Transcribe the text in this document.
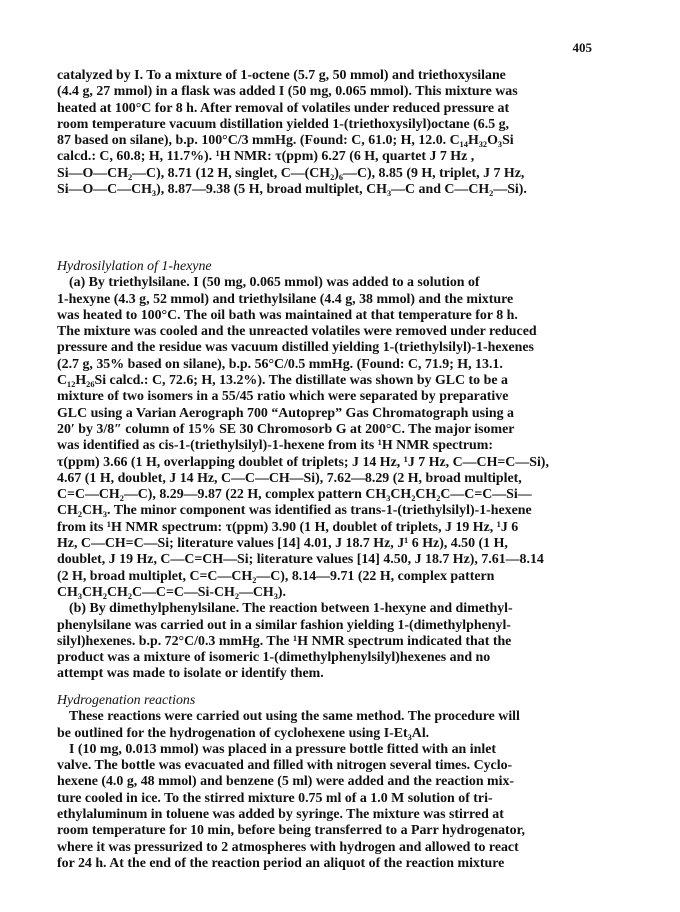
405
catalyzed by I. To a mixture of 1-octene (5.7 g, 50 mmol) and triethoxysilane
(4.4 g, 27 mmol) in a flask was added I (50 mg, 0.065 mmol). This mixture was
heated at 100°C for 8 h. After removal of volatiles under reduced pressure at
room temperature vacuum distillation yielded 1-(triethoxysilyl)octane (6.5 g,
87 based on silane), b.p. 100°C/3 mmHg. (Found: C, 61.0; H, 12.0. C₁₄H₃₂O₃Si
calcd.: C, 60.8; H, 11.7%). ¹H NMR: τ(ppm) 6.27 (6 H, quartet J 7 Hz ,
Si—O—CH₂—C), 8.71 (12 H, singlet, C—(CH₂)₆—C), 8.85 (9 H, triplet, J 7 Hz,
Si—O—C—CH₃), 8.87—9.38 (5 H, broad multiplet, CH₃—C and C—CH₂—Si).
Hydrosilylation of 1-hexyne
(a) By triethylsilane. I (50 mg, 0.065 mmol) was added to a solution of
1-hexyne (4.3 g, 52 mmol) and triethylsilane (4.4 g, 38 mmol) and the mixture
was heated to 100°C. The oil bath was maintained at that temperature for 8 h.
The mixture was cooled and the unreacted volatiles were removed under reduced
pressure and the residue was vacuum distilled yielding 1-(triethylsilyl)-1-hexenes
(2.7 g, 35% based on silane), b.p. 56°C/0.5 mmHg. (Found: C, 71.9; H, 13.1.
C₁₂H₂₆Si calcd.: C, 72.6; H, 13.2%). The distillate was shown by GLC to be a
mixture of two isomers in a 55/45 ratio which were separated by preparative
GLC using a Varian Aerograph 700 “Autoprep” Gas Chromatograph using a
20′ by 3/8″ column of 15% SE 30 Chromosorb G at 200°C. The major isomer
was identified as cis-1-(triethylsilyl)-1-hexene from its ¹H NMR spectrum:
τ(ppm) 3.66 (1 H, overlapping doublet of triplets; J 14 Hz, ¹J 7 Hz, C—CH=C—Si),
4.67 (1 H, doublet, J 14 Hz, C—C—CH—Si), 7.62—8.29 (2 H, broad multiplet,
C=C—CH₂—C), 8.29—9.87 (22 H, complex pattern CH₃CH₂CH₂C—C=C—Si—
CH₂CH₃. The minor component was identified as trans-1-(triethylsilyl)-1-hexene
from its ¹H NMR spectrum: τ(ppm) 3.90 (1 H, doublet of triplets, J 19 Hz, ¹J 6
Hz, C—CH=C—Si; literature values [14] 4.01, J 18.7 Hz, J¹ 6 Hz), 4.50 (1 H,
doublet, J 19 Hz, C—C=CH—Si; literature values [14] 4.50, J 18.7 Hz), 7.61—8.14
(2 H, broad multiplet, C=C—CH₂—C), 8.14—9.71 (22 H, complex pattern
CH₃CH₂CH₂C—C=C—Si-CH₂—CH₃).
(b) By dimethylphenylsilane. The reaction between 1-hexyne and dimethyl-
phenylsilane was carried out in a similar fashion yielding 1-(dimethylphenyl-
silyl)hexenes. b.p. 72°C/0.3 mmHg. The ¹H NMR spectrum indicated that the
product was a mixture of isomeric 1-(dimethylphenylsilyl)hexenes and no
attempt was made to isolate or identify them.
Hydrogenation reactions
These reactions were carried out using the same method. The procedure will
be outlined for the hydrogenation of cyclohexene using I-Et₃Al.
I (10 mg, 0.013 mmol) was placed in a pressure bottle fitted with an inlet
valve. The bottle was evacuated and filled with nitrogen several times. Cyclo-
hexene (4.0 g, 48 mmol) and benzene (5 ml) were added and the reaction mix-
ture cooled in ice. To the stirred mixture 0.75 ml of a 1.0 M solution of tri-
ethylaluminum in toluene was added by syringe. The mixture was stirred at
room temperature for 10 min, before being transferred to a Parr hydrogenator,
where it was pressurized to 2 atmospheres with hydrogen and allowed to react
for 24 h. At the end of the reaction period an aliquot of the reaction mixture
